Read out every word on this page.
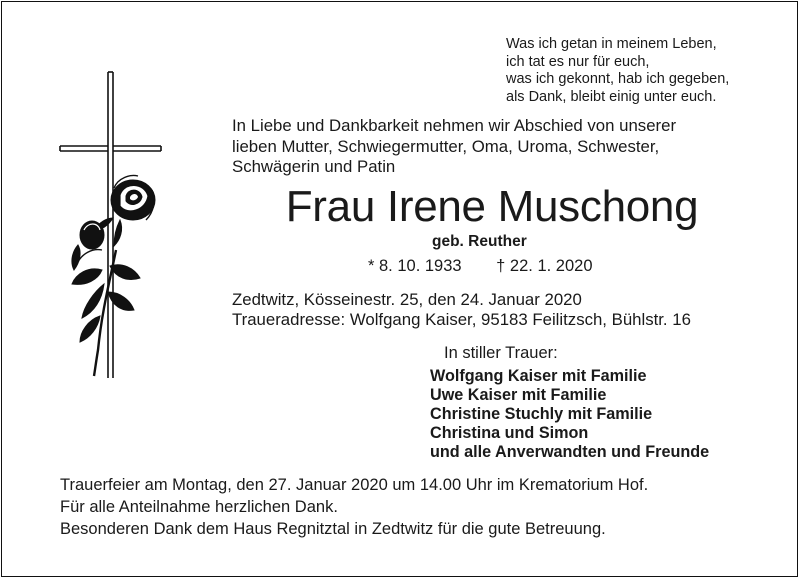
Was ich getan in meinem Leben,
ich tat es nur für euch,
was ich gekonnt, hab ich gegeben,
als Dank, bleibt einig unter euch.
In Liebe und Dankbarkeit nehmen wir Abschied von unserer
lieben Mutter, Schwiegermutter, Oma, Uroma, Schwester,
Schwägerin und Patin
Frau Irene Muschong
geb. Reuther
* 8. 10. 1933 † 22. 1. 2020
Zedtwitz, Kösseinestr. 25, den 24. Januar 2020
Traueradresse: Wolfgang Kaiser, 95183 Feilitzsch, Bühlstr. 16
In stiller Trauer:
Wolfgang Kaiser mit Familie
Uwe Kaiser mit Familie
Christine Stuchly mit Familie
Christina und Simon
und alle Anverwandten und Freunde
Trauerfeier am Montag, den 27. Januar 2020 um 14.00 Uhr im Krematorium Hof.
Für alle Anteilnahme herzlichen Dank.
Besonderen Dank dem Haus Regnitztal in Zedtwitz für die gute Betreuung.
